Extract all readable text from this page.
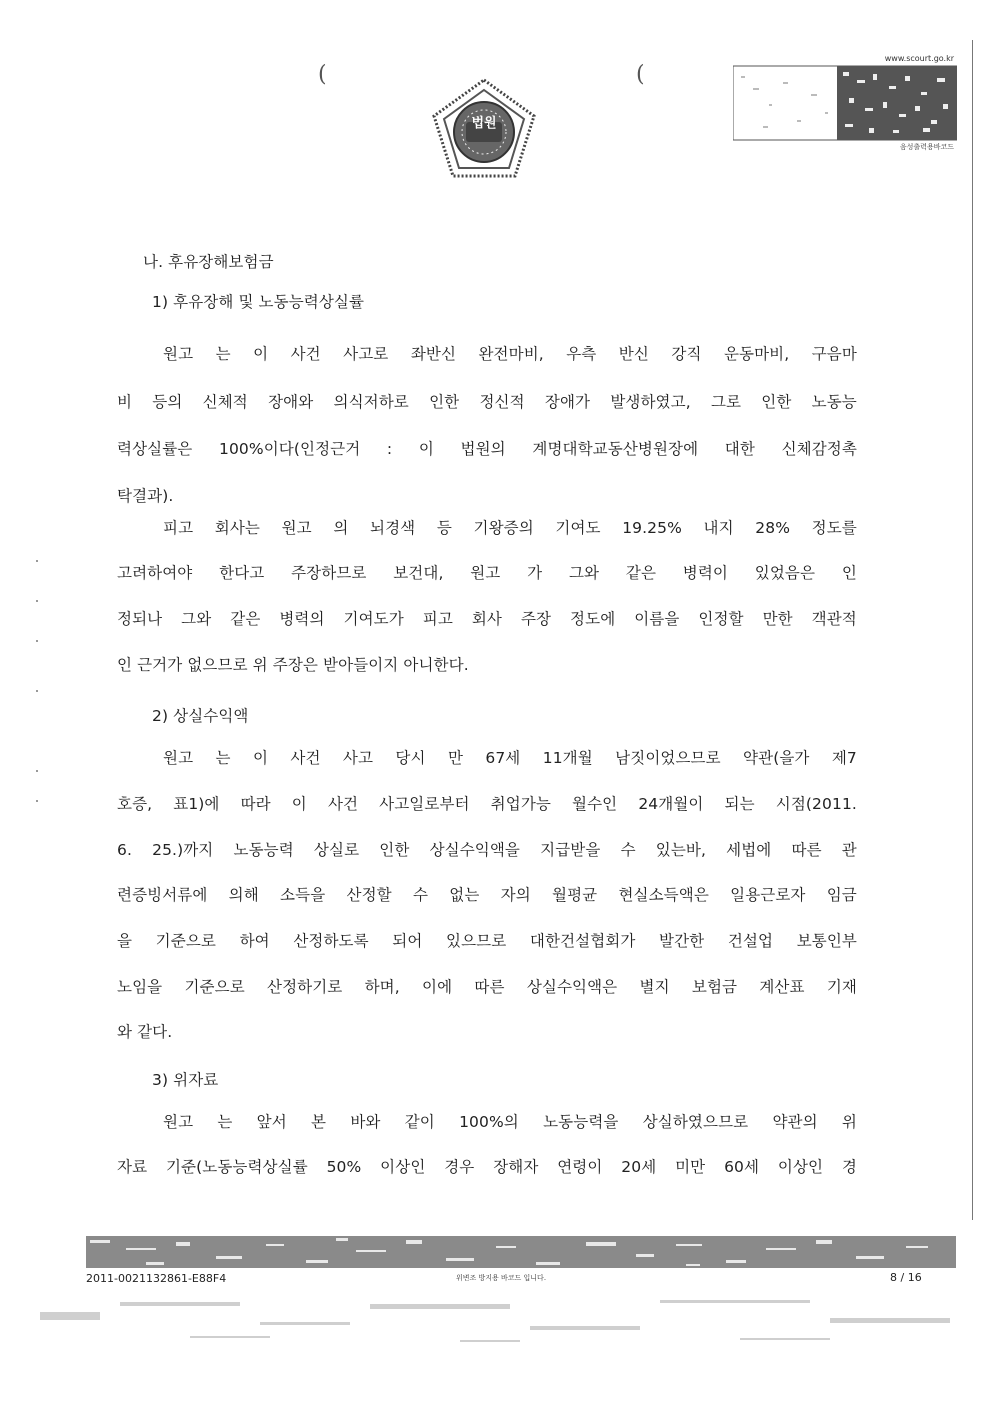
(	(
법원
www.scourt.go.kr
음성출력용바코드
나. 후유장해보험금
1) 후유장해 및 노동능력상실률
원고 는 이 사건 사고로 좌반신 완전마비, 우측 반신 강직 운동마비, 구음마
비 등의 신체적 장애와 의식저하로 인한 정신적 장애가 발생하였고, 그로 인한 노동능
력상실률은 100%이다(인정근거 : 이 법원의 계명대학교동산병원장에 대한 신체감정촉
탁결과).
피고 회사는 원고 의 뇌경색 등 기왕증의 기여도 19.25% 내지 28% 정도를
고려하여야 한다고 주장하므로 보건대, 원고 가 그와 같은 병력이 있었음은 인
정되나 그와 같은 병력의 기여도가 피고 회사 주장 정도에 이름을 인정할 만한 객관적
인 근거가 없으므로 위 주장은 받아들이지 아니한다.
2) 상실수익액
원고 는 이 사건 사고 당시 만 67세 11개월 남짓이었으므로 약관(을가 제7
호증, 표1)에 따라 이 사건 사고일로부터 취업가능 월수인 24개월이 되는 시점(2011.
6. 25.)까지 노동능력 상실로 인한 상실수익액을 지급받을 수 있는바, 세법에 따른 관
련증빙서류에 의해 소득을 산정할 수 없는 자의 월평균 현실소득액은 일용근로자 임금
을 기준으로 하여 산정하도록 되어 있으므로 대한건설협회가 발간한 건설업 보통인부
노임을 기준으로 산정하기로 하며, 이에 따른 상실수익액은 별지 보험금 계산표 기재
와 같다.
3) 위자료
원고 는 앞서 본 바와 같이 100%의 노동능력을 상실하였으므로 약관의 위
자료 기준(노동능력상실률 50% 이상인 경우 장해자 연령이 20세 미만 60세 이상인 경
2011-0021132861-E88F4	위변조 방지용 바코드 입니다.	8 / 16
